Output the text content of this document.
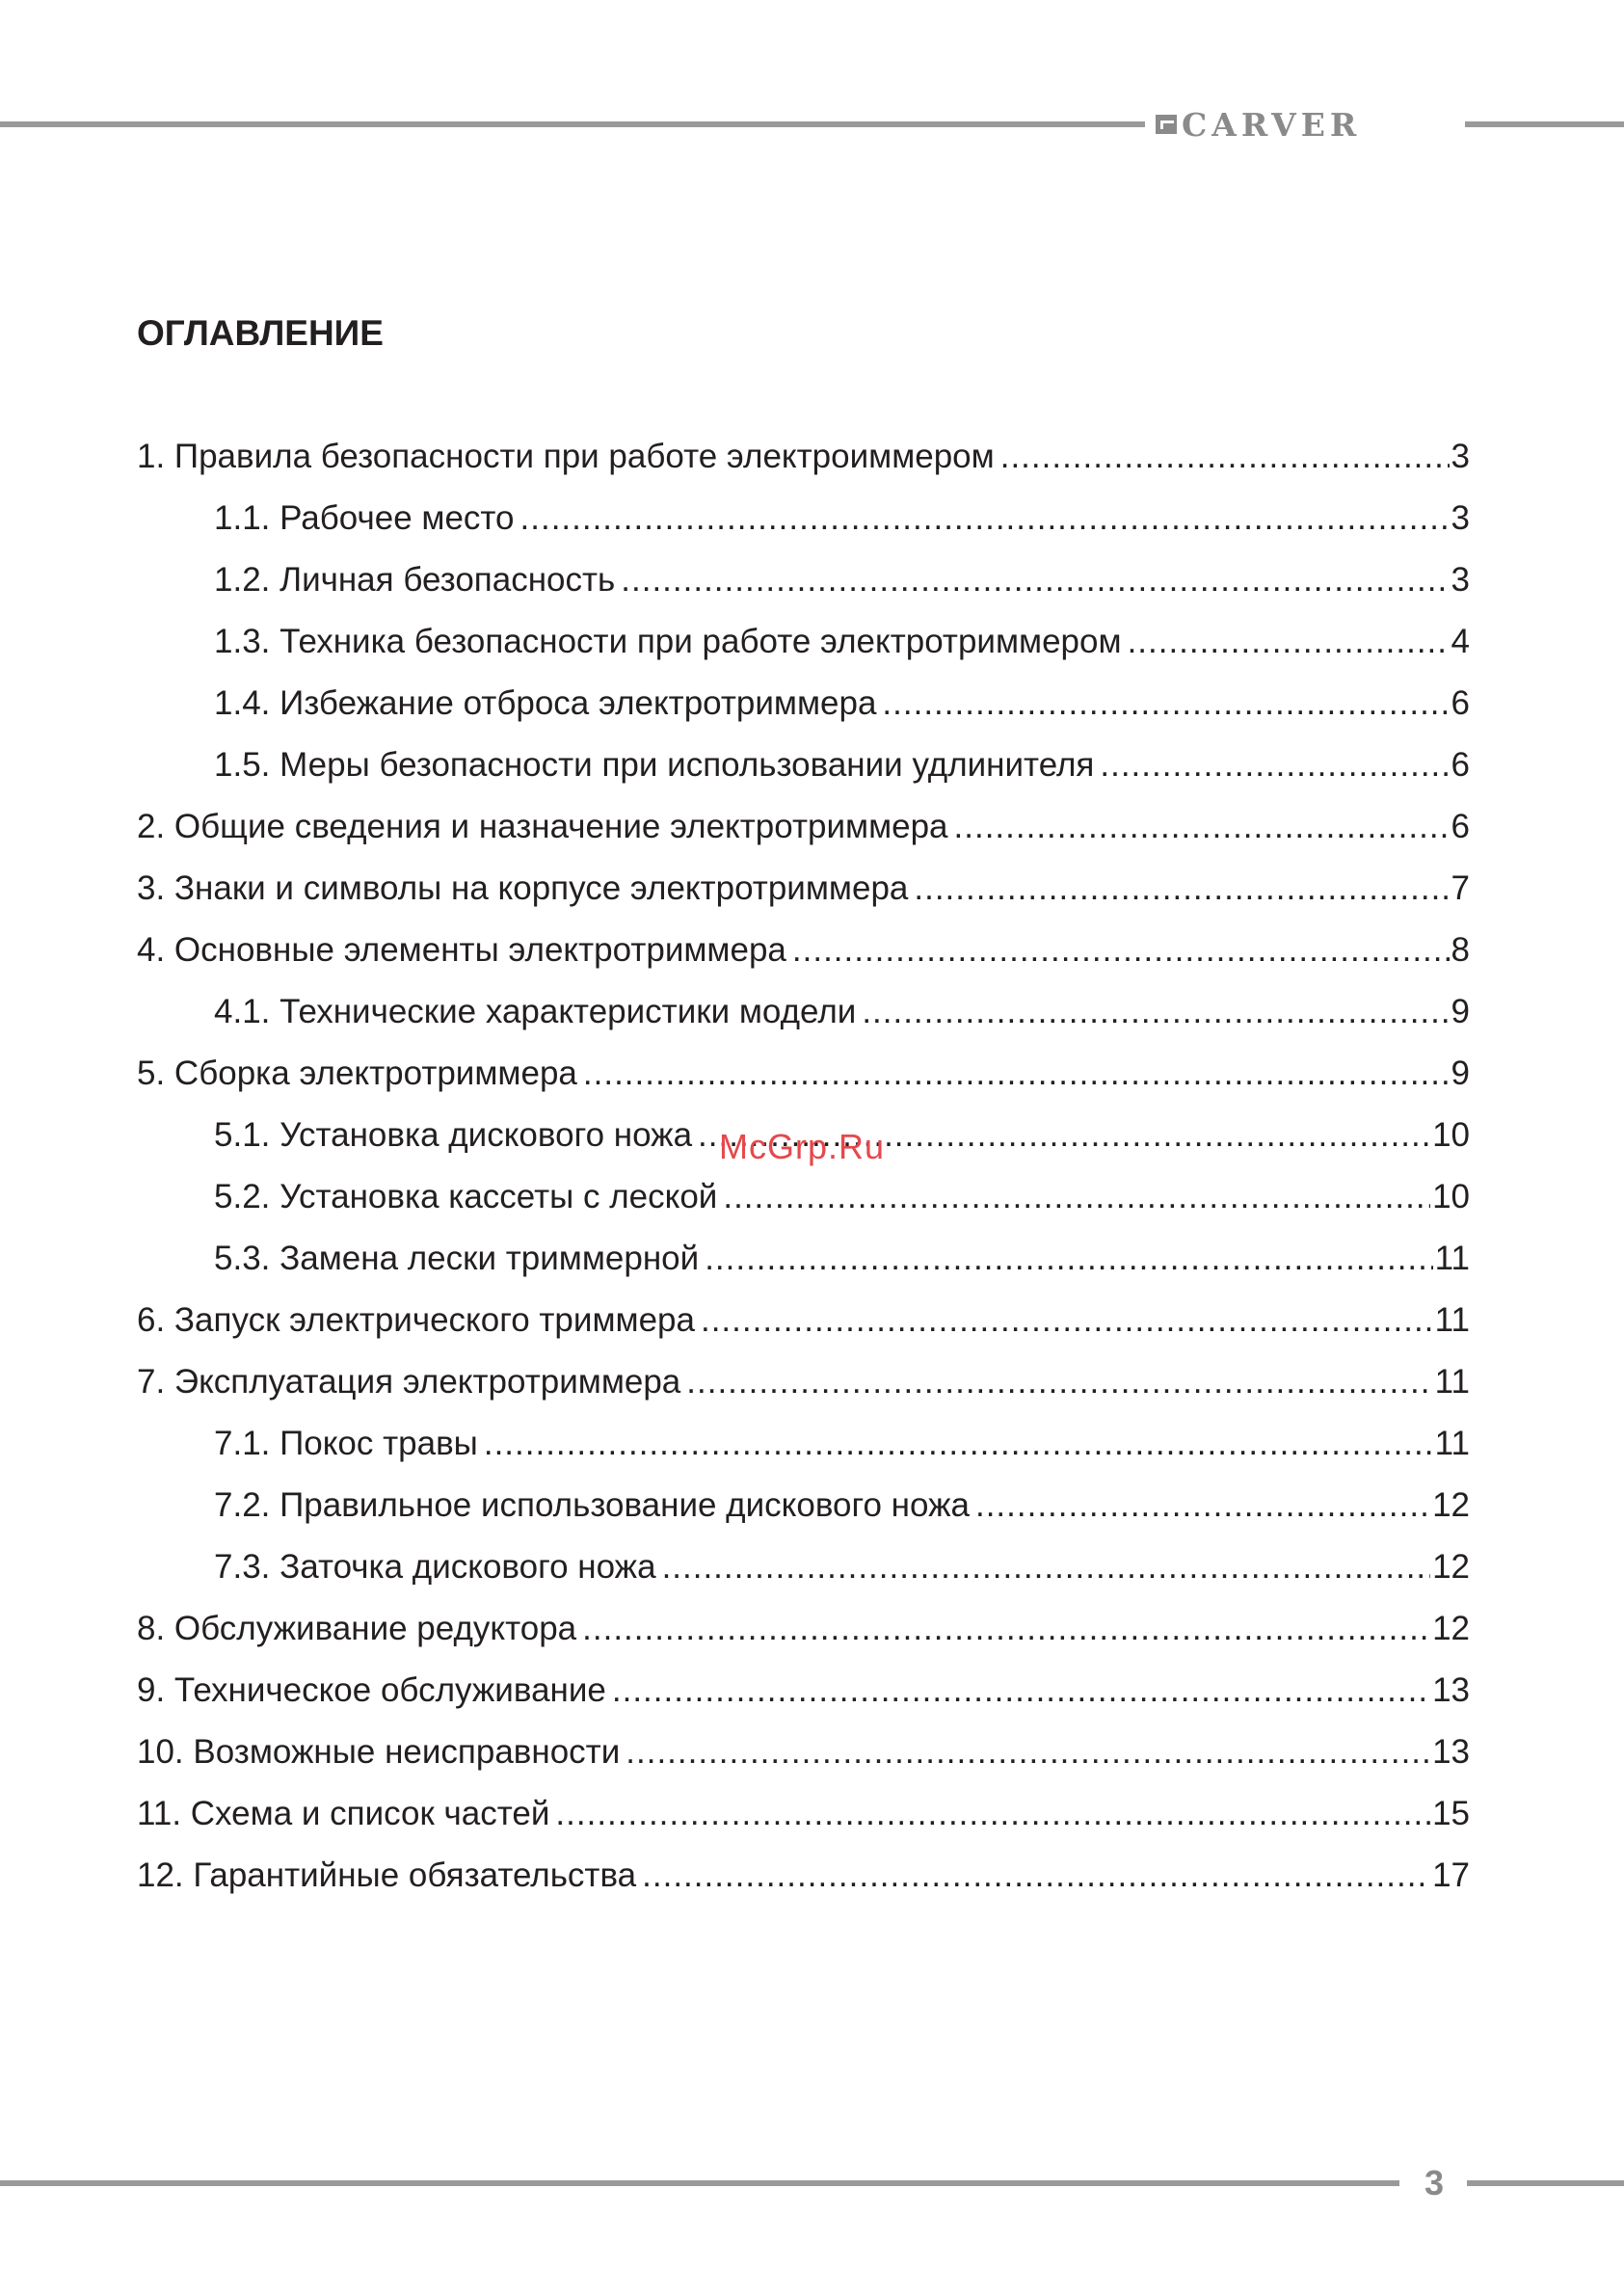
CARVER
ОГЛАВЛЕНИЕ
1. Правила безопасности при работе электроиммером .....	3
1.1. Рабочее место .....	3
1.2. Личная безопасность .....	3
1.3. Техника безопасности при работе электротриммером .....	4
1.4. Избежание отброса электротриммера .....	6
1.5. Меры безопасности при использовании удлинителя .....	6
2. Общие сведения и назначение электротриммера .....	6
3. Знаки и символы на корпусе электротриммера .....	7
4. Основные элементы электротриммера .....	8
4.1. Технические характеристики модели .....	9
5. Сборка электротриммера .....	9
5.1. Установка дискового ножа .....	10
5.2. Установка кассеты с леской .....	10
5.3. Замена лески триммерной .....	11
6. Запуск электрического триммера .....	11
7. Эксплуатация электротриммера .....	11
7.1. Покос травы .....	11
7.2. Правильное использование дискового ножа .....	12
7.3. Заточка дискового ножа .....	12
8. Обслуживание редуктора .....	12
9. Техническое обслуживание .....	13
10. Возможные неисправности .....	13
11. Схема и список частей .....	15
12. Гарантийные обязательства .....	17
McGrp.Ru
3
